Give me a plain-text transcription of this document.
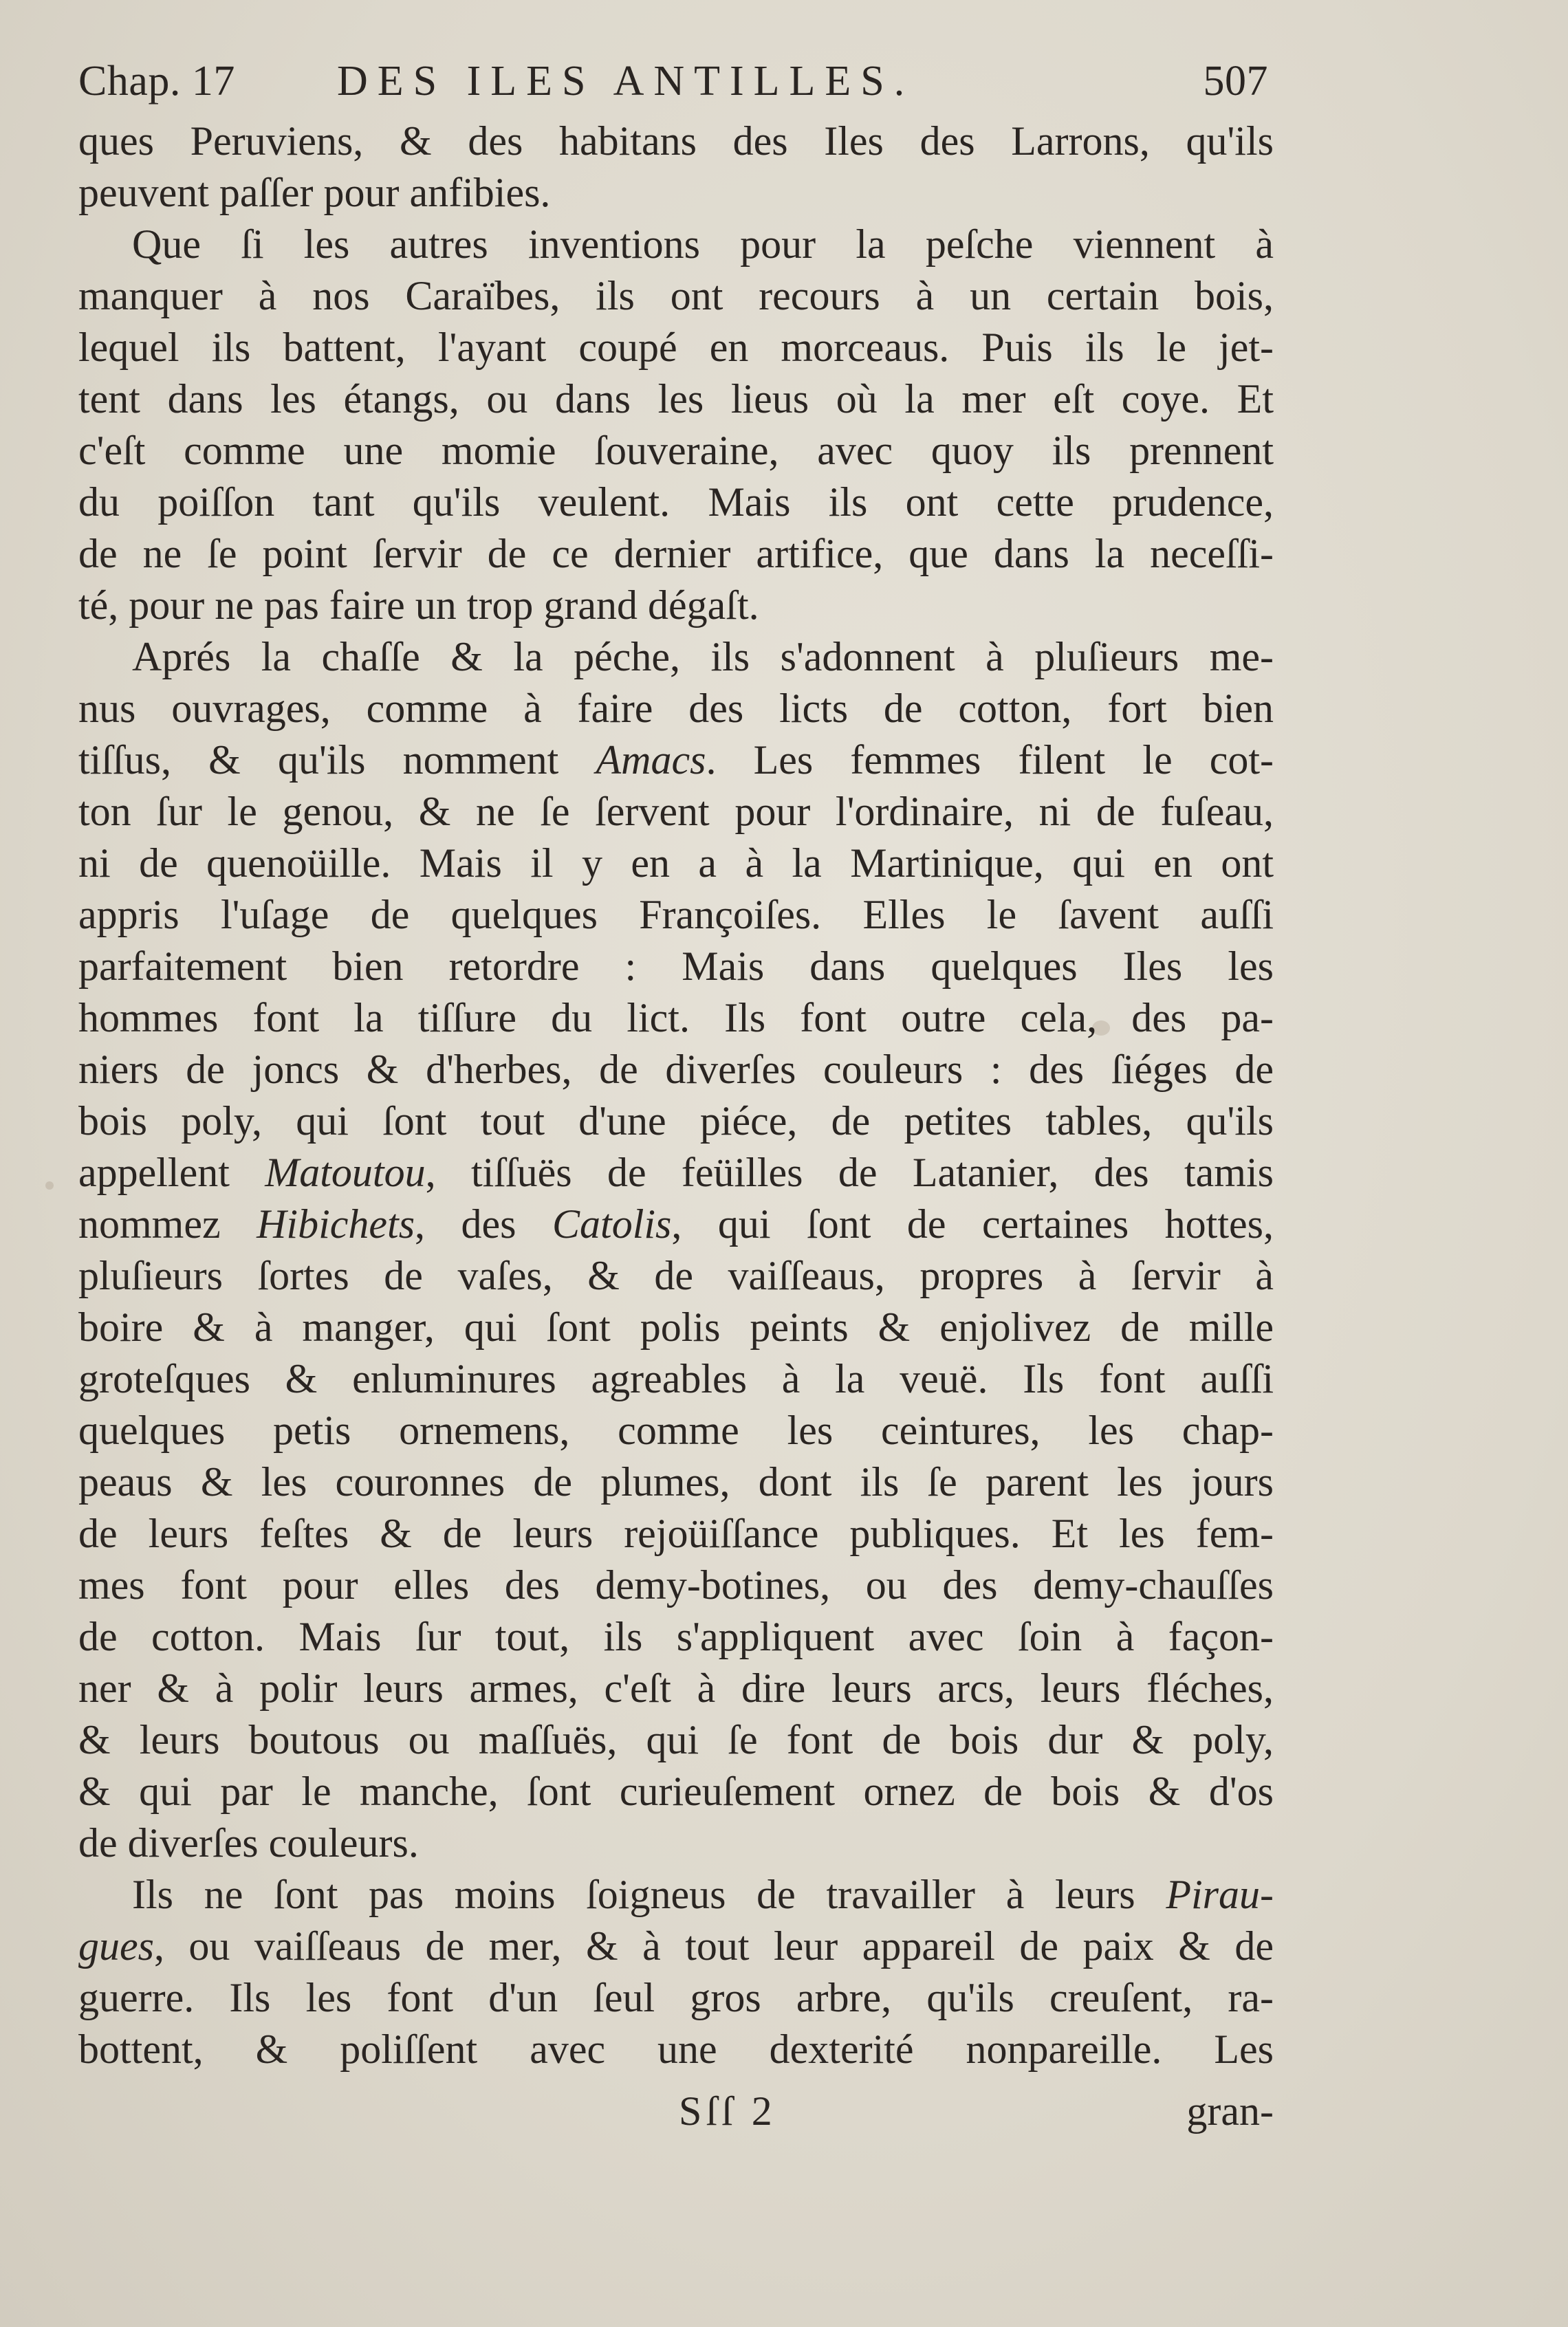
Chap. 17 DES ILES ANTILLES.	507
ques Peruviens, & des habitans des Iles des Larrons, qu'ils
peuvent paſſer pour anfibies.
Que ſi les autres inventions pour la peſche viennent à
manquer à nos Caraïbes, ils ont recours à un certain bois,
lequel ils battent, l'ayant coupé en morceaus. Puis ils le jet-
tent dans les étangs, ou dans les lieus où la mer eſt coye. Et
c'eſt comme une momie ſouveraine, avec quoy ils prennent
du poiſſon tant qu'ils veulent. Mais ils ont cette prudence,
de ne ſe point ſervir de ce dernier artifice, que dans la neceſſi-
té, pour ne pas faire un trop grand dégaſt.
Aprés la chaſſe & la péche, ils s'adonnent à pluſieurs me-
nus ouvrages, comme à faire des licts de cotton, fort bien
tiſſus, & qu'ils nomment Amacs. Les femmes filent le cot-
ton ſur le genou, & ne ſe ſervent pour l'ordinaire, ni de fuſeau,
ni de quenoüille. Mais il y en a à la Martinique, qui en ont
appris l'uſage de quelques Françoiſes. Elles le ſavent auſſi
parfaitement bien retordre : Mais dans quelques Iles les
hommes font la tiſſure du lict. Ils font outre cela, des pa-
niers de joncs & d'herbes, de diverſes couleurs : des ſiéges de
bois poly, qui ſont tout d'une piéce, de petites tables, qu'ils
appellent Matoutou, tiſſuës de feüilles de Latanier, des tamis
nommez Hibichets, des Catolis, qui ſont de certaines hottes,
pluſieurs ſortes de vaſes, & de vaiſſeaus, propres à ſervir à
boire & à manger, qui ſont polis peints & enjolivez de mille
groteſques & enluminures agreables à la veuë. Ils font auſſi
quelques petis ornemens, comme les ceintures, les chap-
peaus & les couronnes de plumes, dont ils ſe parent les jours
de leurs feſtes & de leurs rejoüiſſance publiques. Et les fem-
mes font pour elles des demy-botines, ou des demy-chauſſes
de cotton. Mais ſur tout, ils s'appliquent avec ſoin à façon-
ner & à polir leurs armes, c'eſt à dire leurs arcs, leurs fléches,
& leurs boutous ou maſſuës, qui ſe font de bois dur & poly,
& qui par le manche, ſont curieuſement ornez de bois & d'os
de diverſes couleurs.
Ils ne ſont pas moins ſoigneus de travailler à leurs Pirau-
gues, ou vaiſſeaus de mer, & à tout leur appareil de paix & de
guerre. Ils les font d'un ſeul gros arbre, qu'ils creuſent, ra-
bottent, & poliſſent avec une dexterité nonpareille. Les
Sſſ 2	gran-
